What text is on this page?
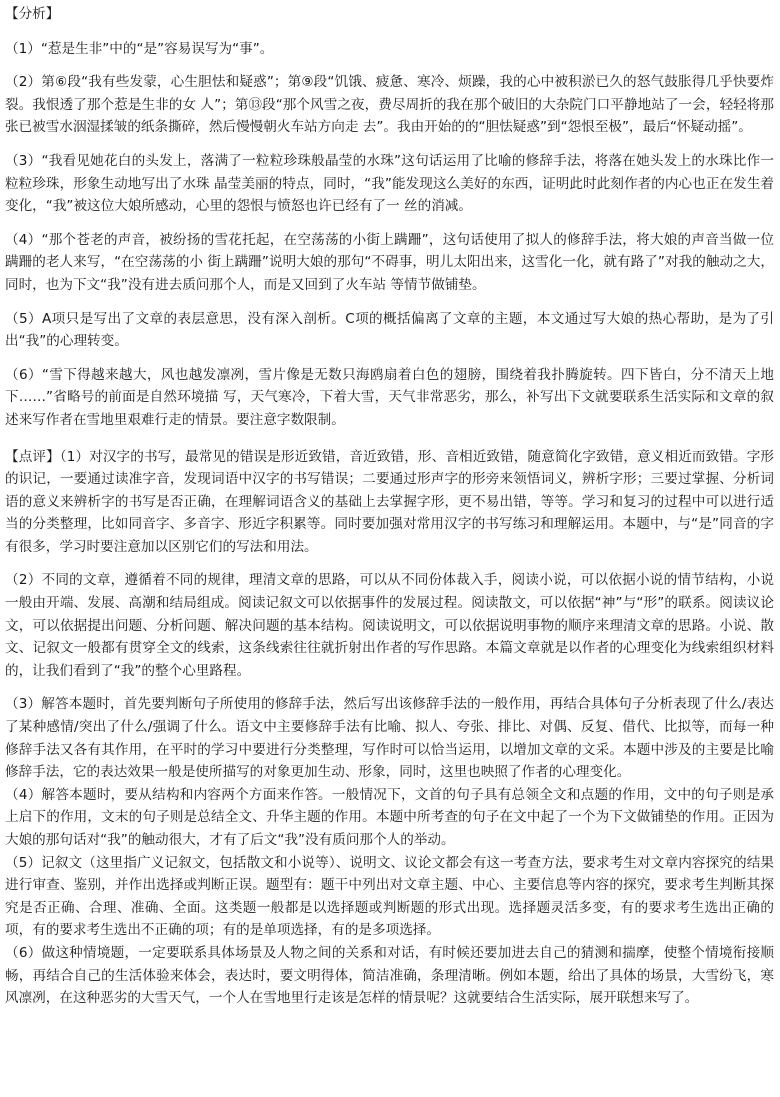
【分析】

（1）“惹是生非”中的“是”容易误写为“事”。

（2）第⑥段“我有些发蒙，心生胆怯和疑惑”；第⑨段“饥饿、疲惫、寒冷、烦躁，我的心中被积淤已久的怒气鼓胀得几乎快要炸裂。我恨透了那个惹是生非的女 人”；第⑬段“那个风雪之夜，费尽周折的我在那个破旧的大杂院门口平静地站了一会，轻轻将那张已被雪水洇湿揉皱的纸条撕碎，然后慢慢朝火车站方向走 去”。我由开始的的“胆怯疑惑”到“怨恨至极”，最后“怀疑动摇”。

（3）“我看见她花白的头发上，落满了一粒粒珍珠般晶莹的水珠”这句话运用了比喻的修辞手法，将落在她头发上的水珠比作一粒粒珍珠，形象生动地写出了水珠 晶莹美丽的特点，同时，“我”能发现这么美好的东西，证明此时此刻作者的内心也正在发生着变化，“我”被这位大娘所感动，心里的怨恨与愤怒也许已经有了一 丝的消减。

（4）“那个苍老的声音，被纷扬的雪花托起，在空荡荡的小街上蹒跚”，这句话使用了拟人的修辞手法，将大娘的声音当做一位蹒跚的老人来写，“在空荡荡的小 街上蹒跚”说明大娘的那句“不碍事，明儿太阳出来，这雪化一化，就有路了”对我的触动之大，同时，也为下文“我”没有进去质问那个人，而是又回到了火车站 等情节做铺垫。

（5）A项只是写出了文章的表层意思，没有深入剖析。C项的概括偏离了文章的主题，本文通过写大娘的热心帮助，是为了引出“我”的心理转变。

（6）“雪下得越来越大，风也越发凛冽，雪片像是无数只海鸥扇着白色的翅膀，围绕着我扑腾旋转。四下皆白，分不清天上地下……”省略号的前面是自然环境描 写，天气寒冷，下着大雪，天气非常恶劣，那么，补写出下文就要联系生活实际和文章的叙述来写作者在雪地里艰难行走的情景。要注意字数限制。

【点评】（1）对汉字的书写，最常见的错误是形近致错，音近致错，形、音相近致错，随意简化字致错，意义相近而致错。字形的识记，一要通过读准字音，发现词语中汉字的书写错误；二要通过形声字的形旁来领悟词义，辨析字形；三要过掌握、分析词语的意义来辨析字的书写是否正确，在理解词语含义的基础上去掌握字形，更不易出错，等等。学习和复习的过程中可以进行适当的分类整理，比如同音字、多音字、形近字积累等。同时要加强对常用汉字的书写练习和理解运用。本题中，与“是”同音的字有很多，学习时要注意加以区别它们的写法和用法。

（2）不同的文章，遵循着不同的规律，理清文章的思路，可以从不同份体裁入手，阅读小说，可以依据小说的情节结构，小说一般由开端、发展、高潮和结局组成。阅读记叙文可以依据事件的发展过程。阅读散文，可以依据“神”与“形”的联系。阅读议论文，可以依据提出问题、分析问题、解决问题的基本结构。阅读说明文，可以依据说明事物的顺序来理清文章的思路。小说、散文、记叙文一般都有贯穿全文的线索，这条线索往往就折射出作者的写作思路。本篇文章就是以作者的心理变化为线索组织材料的，让我们看到了“我”的整个心里路程。

（3）解答本题时，首先要判断句子所使用的修辞手法，然后写出该修辞手法的一般作用，再结合具体句子分析表现了什么/表达了某种感情/突出了什么/强调了什么。语文中主要修辞手法有比喻、拟人、夸张、排比、对偶、反复、借代、比拟等，而每一种修辞手法又各有其作用，在平时的学习中要进行分类整理，写作时可以恰当运用，以增加文章的文采。本题中涉及的主要是比喻修辞手法，它的表达效果一般是使所描写的对象更加生动、形象，同时，这里也映照了作者的心理变化。

（4）解答本题时，要从结构和内容两个方面来作答。一般情况下，文首的句子具有总领全文和点题的作用，文中的句子则是承上启下的作用，文末的句子则是总结全文、升华主题的作用。本题中所考查的句子在文中起了一个为下文做铺垫的作用。正因为大娘的那句话对“我”的触动很大，才有了后文“我”没有质问那个人的举动。

（5）记叙文（这里指广义记叙文，包括散文和小说等）、说明文、议论文都会有这一考查方法，要求考生对文章内容探究的结果进行审查、鉴别，并作出选择或判断正误。题型有：题干中列出对文章主题、中心、主要信息等内容的探究，要求考生判断其探究是否正确、合理、准确、全面。这类题一般都是以选择题或判断题的形式出现。选择题灵活多变，有的要求考生选出正确的项，有的要求考生选出不正确的项；有的是单项选择，有的是多项选择。

（6）做这种情境题，一定要联系具体场景及人物之间的关系和对话，有时候还要加进去自己的猜测和揣摩，使整个情境衔接顺畅，再结合自己的生活体验来体会，表达时，要文明得体，简洁准确，条理清晰。例如本题，给出了具体的场景，大雪纷飞，寒风凛冽，在这种恶劣的大雪天气，一个人在雪地里行走该是怎样的情景呢？这就要结合生活实际，展开联想来写了。
